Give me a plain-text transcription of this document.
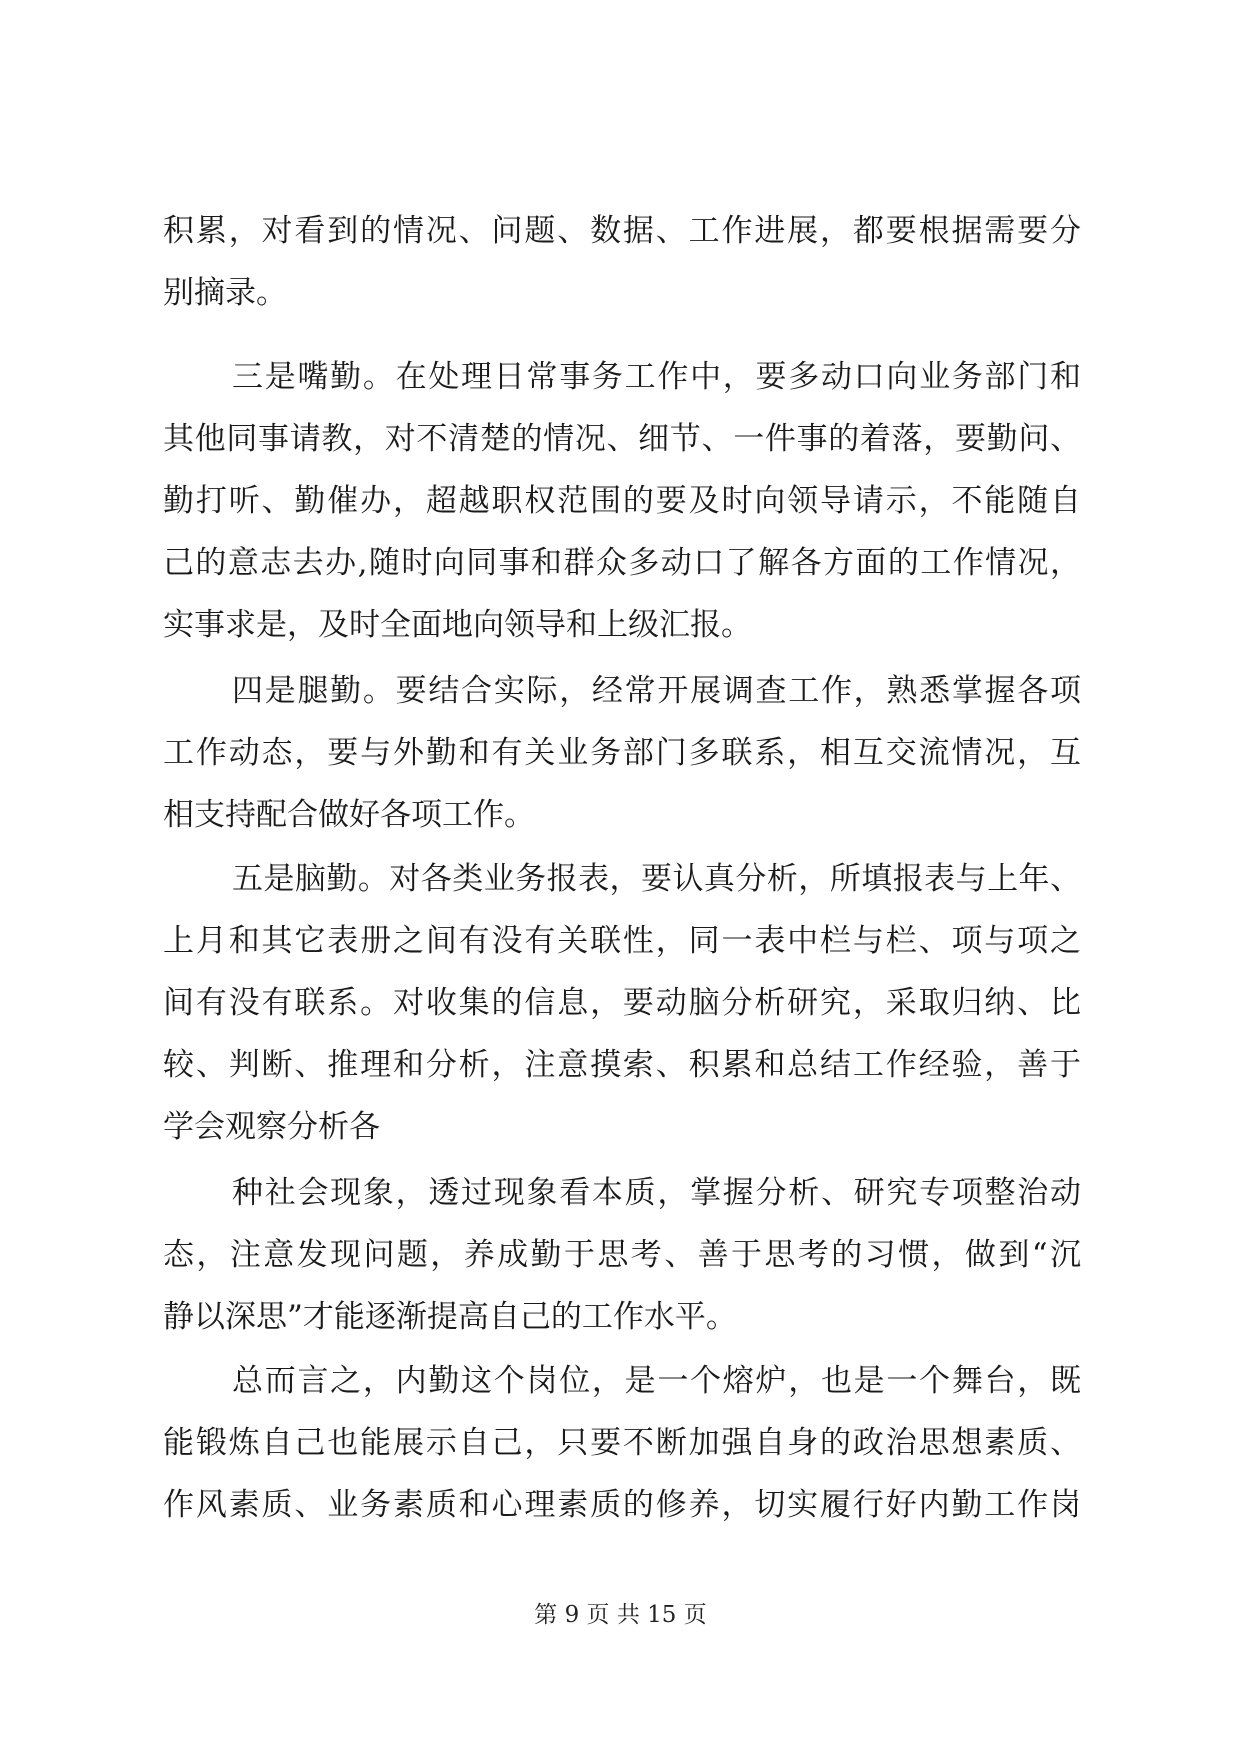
积累，对看到的情况、问题、数据、工作进展，都要根据需要分
别摘录。
三是嘴勤。在处理日常事务工作中，要多动口向业务部门和
其他同事请教，对不清楚的情况、细节、一件事的着落，要勤问、
勤打听、勤催办，超越职权范围的要及时向领导请示，不能随自
己的意志去办,随时向同事和群众多动口了解各方面的工作情况，
实事求是，及时全面地向领导和上级汇报。
四是腿勤。要结合实际，经常开展调查工作，熟悉掌握各项
工作动态，要与外勤和有关业务部门多联系，相互交流情况，互
相支持配合做好各项工作。
五是脑勤。对各类业务报表，要认真分析，所填报表与上年、
上月和其它表册之间有没有关联性，同一表中栏与栏、项与项之
间有没有联系。对收集的信息，要动脑分析研究，采取归纳、比
较、判断、推理和分析，注意摸索、积累和总结工作经验，善于
学会观察分析各
种社会现象，透过现象看本质，掌握分析、研究专项整治动
态，注意发现问题，养成勤于思考、善于思考的习惯，做到“沉
静以深思”才能逐渐提高自己的工作水平。
总而言之，内勤这个岗位，是一个熔炉，也是一个舞台，既
能锻炼自己也能展示自己，只要不断加强自身的政治思想素质、
作风素质、业务素质和心理素质的修养，切实履行好内勤工作岗
第 9 页 共 15 页
